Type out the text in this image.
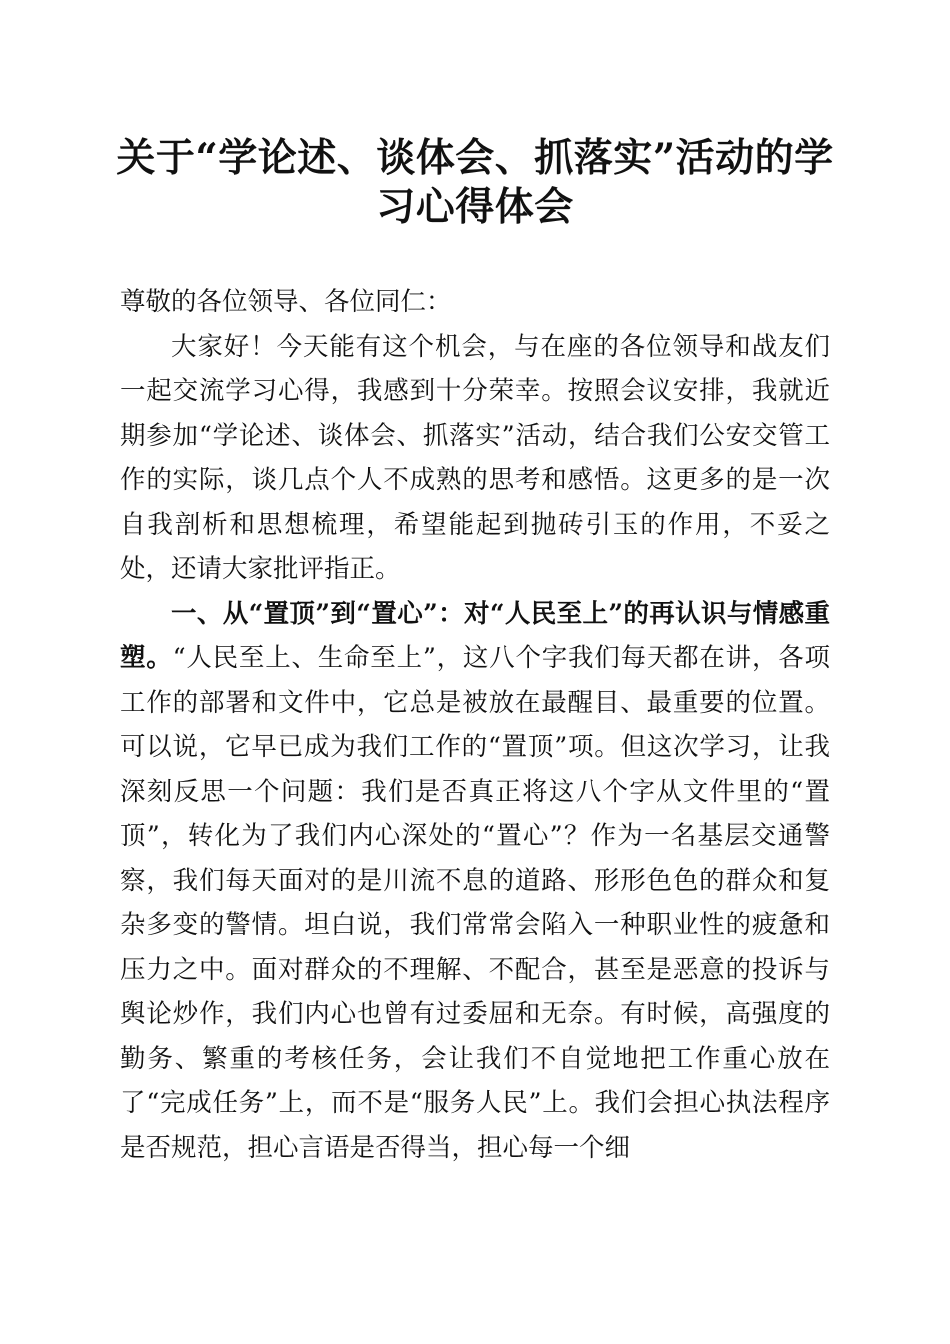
关于“学论述、谈体会、抓落实”活动的学习心得体会

尊敬的各位领导、各位同仁：

大家好！今天能有这个机会，与在座的各位领导和战友们一起交流学习心得，我感到十分荣幸。按照会议安排，我就近期参加“学论述、谈体会、抓落实”活动，结合我们公安交管工作的实际，谈几点个人不成熟的思考和感悟。这更多的是一次自我剖析和思想梳理，希望能起到抛砖引玉的作用，不妥之处，还请大家批评指正。

一、从“置顶”到“置心”：对“人民至上”的再认识与情感重塑。“人民至上、生命至上”，这八个字我们每天都在讲，各项工作的部署和文件中，它总是被放在最醒目、最重要的位置。可以说，它早已成为我们工作的“置顶”项。但这次学习，让我深刻反思一个问题：我们是否真正将这八个字从文件里的“置顶”，转化为了我们内心深处的“置心”？作为一名基层交通警察，我们每天面对的是川流不息的道路、形形色色的群众和复杂多变的警情。坦白说，我们常常会陷入一种职业性的疲惫和压力之中。面对群众的不理解、不配合，甚至是恶意的投诉与舆论炒作，我们内心也曾有过委屈和无奈。有时候，高强度的勤务、繁重的考核任务，会让我们不自觉地把工作重心放在了“完成任务”上，而不是“服务人民”上。我们会担心执法程序是否规范，担心言语是否得当，担心每一个细
